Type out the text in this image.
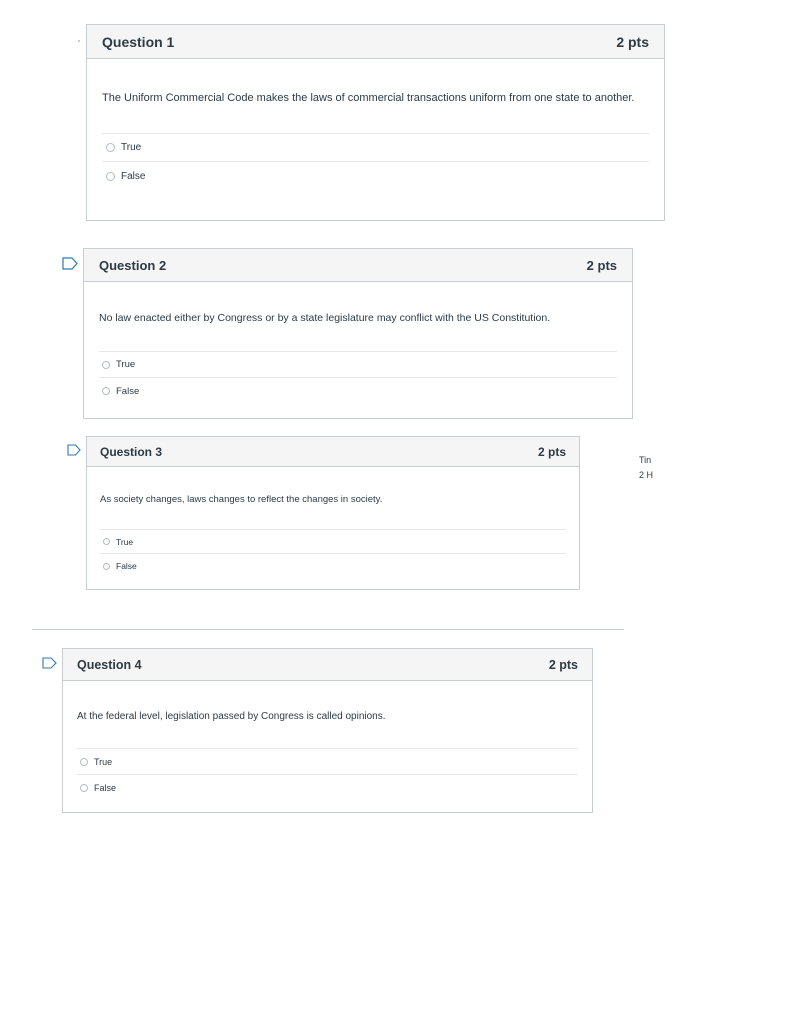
Question 1	2 pts

The Uniform Commercial Code makes the laws of commercial transactions uniform from one state to another.

True
False
Question 2	2 pts

No law enacted either by Congress or by a state legislature may conflict with the US Constitution.

True
False
Question 3	2 pts

As society changes, laws changes to reflect the changes in society.

True
False
Tin
2 H
Question 4	2 pts

At the federal level, legislation passed by Congress is called opinions.

True
False
